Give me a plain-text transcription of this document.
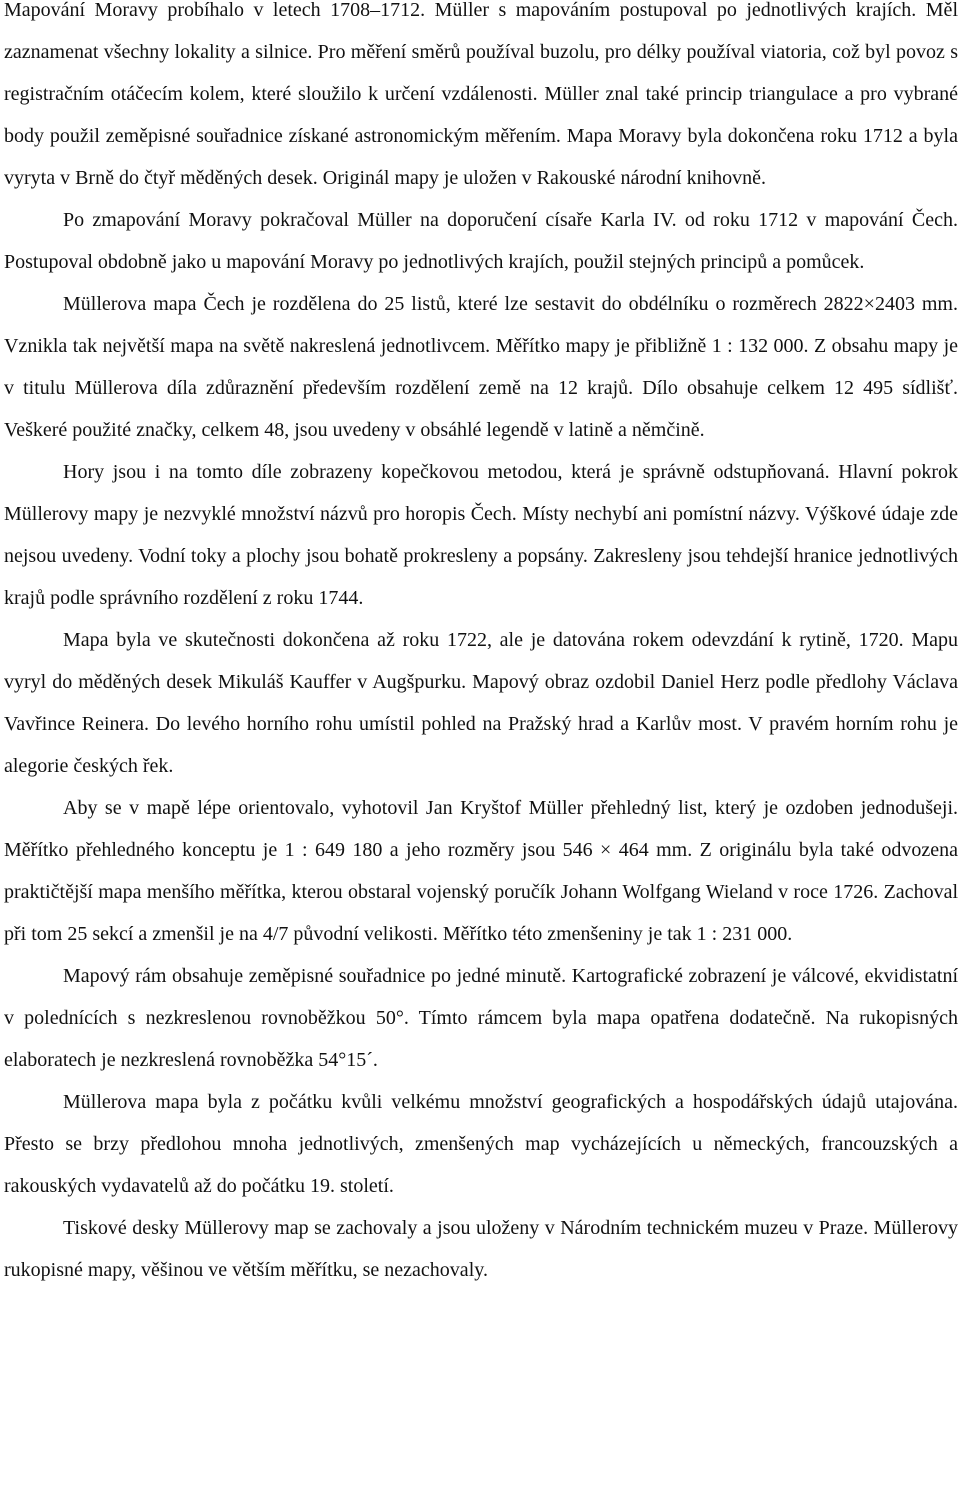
Mapování Moravy probíhalo v letech 1708–1712. Müller s mapováním postupoval po jednotlivých krajích. Měl zaznamenat všechny lokality a silnice. Pro měření směrů používal buzolu, pro délky používal viatoria, což byl povoz s registračním otáčecím kolem, které sloužilo k určení vzdálenosti. Müller znal také princip triangulace a pro vybrané body použil zeměpisné souřadnice získané astronomickým měřením. Mapa Moravy byla dokončena roku 1712 a byla vyryta v Brně do čtyř měděných desek. Originál mapy je uložen v Rakouské národní knihovně.

Po zmapování Moravy pokračoval Müller na doporučení císaře Karla IV. od roku 1712 v mapování Čech. Postupoval obdobně jako u mapování Moravy po jednotlivých krajích, použil stejných principů a pomůcek.

Müllerova mapa Čech je rozdělena do 25 listů, které lze sestavit do obdélníku o rozměrech 2822×2403 mm. Vznikla tak největší mapa na světě nakreslená jednotlivcem. Měřítko mapy je přibližně 1 : 132 000. Z obsahu mapy je v titulu Müllerova díla zdůraznění především rozdělení země na 12 krajů. Dílo obsahuje celkem 12 495 sídlišť. Veškeré použité značky, celkem 48, jsou uvedeny v obsáhlé legendě v latině a němčině.

Hory jsou i na tomto díle zobrazeny kopečkovou metodou, která je správně odstupňovaná. Hlavní pokrok Müllerovy mapy je nezvyklé množství názvů pro horopis Čech. Místy nechybí ani pomístní názvy. Výškové údaje zde nejsou uvedeny. Vodní toky a plochy jsou bohatě prokresleny a popsány. Zakresleny jsou tehdejší hranice jednotlivých krajů podle správního rozdělení z roku 1744.

Mapa byla ve skutečnosti dokončena až roku 1722, ale je datována rokem odevzdání k rytině, 1720. Mapu vyryl do měděných desek Mikuláš Kauffer v Augšpurku. Mapový obraz ozdobil Daniel Herz podle předlohy Václava Vavřince Reinera. Do levého horního rohu umístil pohled na Pražský hrad a Karlův most. V pravém horním rohu je alegorie českých řek.

Aby se v mapě lépe orientovalo, vyhotovil Jan Kryštof Müller přehledný list, který je ozdoben jednodušeji. Měřítko přehledného konceptu je 1 : 649 180 a jeho rozměry jsou 546 × 464 mm. Z originálu byla také odvozena praktičtější mapa menšího měřítka, kterou obstaral vojenský poručík Johann Wolfgang Wieland v roce 1726. Zachoval při tom 25 sekcí a zmenšil je na 4/7 původní velikosti. Měřítko této zmenšeniny je tak 1 : 231 000.

Mapový rám obsahuje zeměpisné souřadnice po jedné minutě. Kartografické zobrazení je válcové, ekvidistatní v polednících s nezkreslenou rovnoběžkou 50°. Tímto rámcem byla mapa opatřena dodatečně. Na rukopisných elaboratech je nezkreslená rovnoběžka 54°15´.

Müllerova mapa byla z počátku kvůli velkému množství geografických a hospodářských údajů utajována. Přesto se brzy předlohou mnoha jednotlivých, zmenšených map vycházejících u německých, francouzských a rakouských vydavatelů až do počátku 19. století.

Tiskové desky Müllerovy map se zachovaly a jsou uloženy v Národním technickém muzeu v Praze. Müllerovy rukopisné mapy, věšinou ve větším měřítku, se nezachovaly.
